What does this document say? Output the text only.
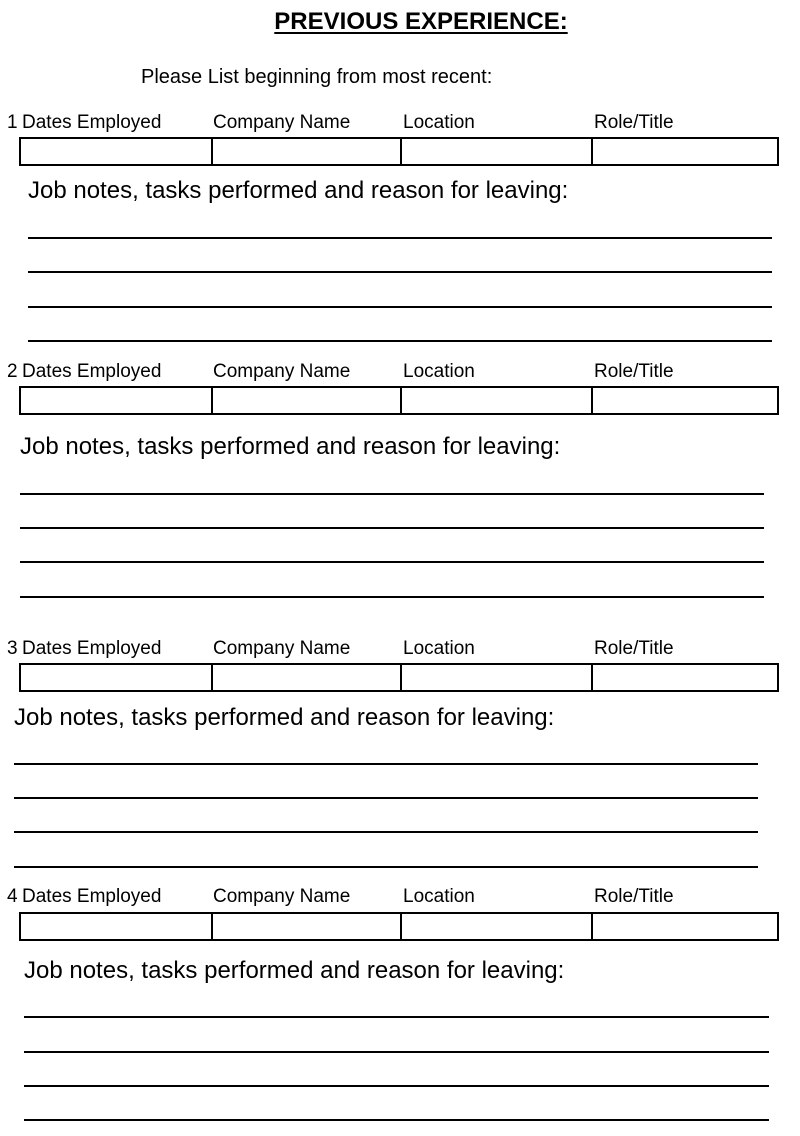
PREVIOUS EXPERIENCE:
Please List beginning from most recent:
1 Dates Employed	Company Name	Location	Role/Title
Job notes, tasks performed and reason for leaving:
2 Dates Employed	Company Name	Location	Role/Title
Job notes, tasks performed and reason for leaving:
3 Dates Employed	Company Name	Location	Role/Title
Job notes, tasks performed and reason for leaving:
4 Dates Employed	Company Name	Location	Role/Title
Job notes, tasks performed and reason for leaving:
